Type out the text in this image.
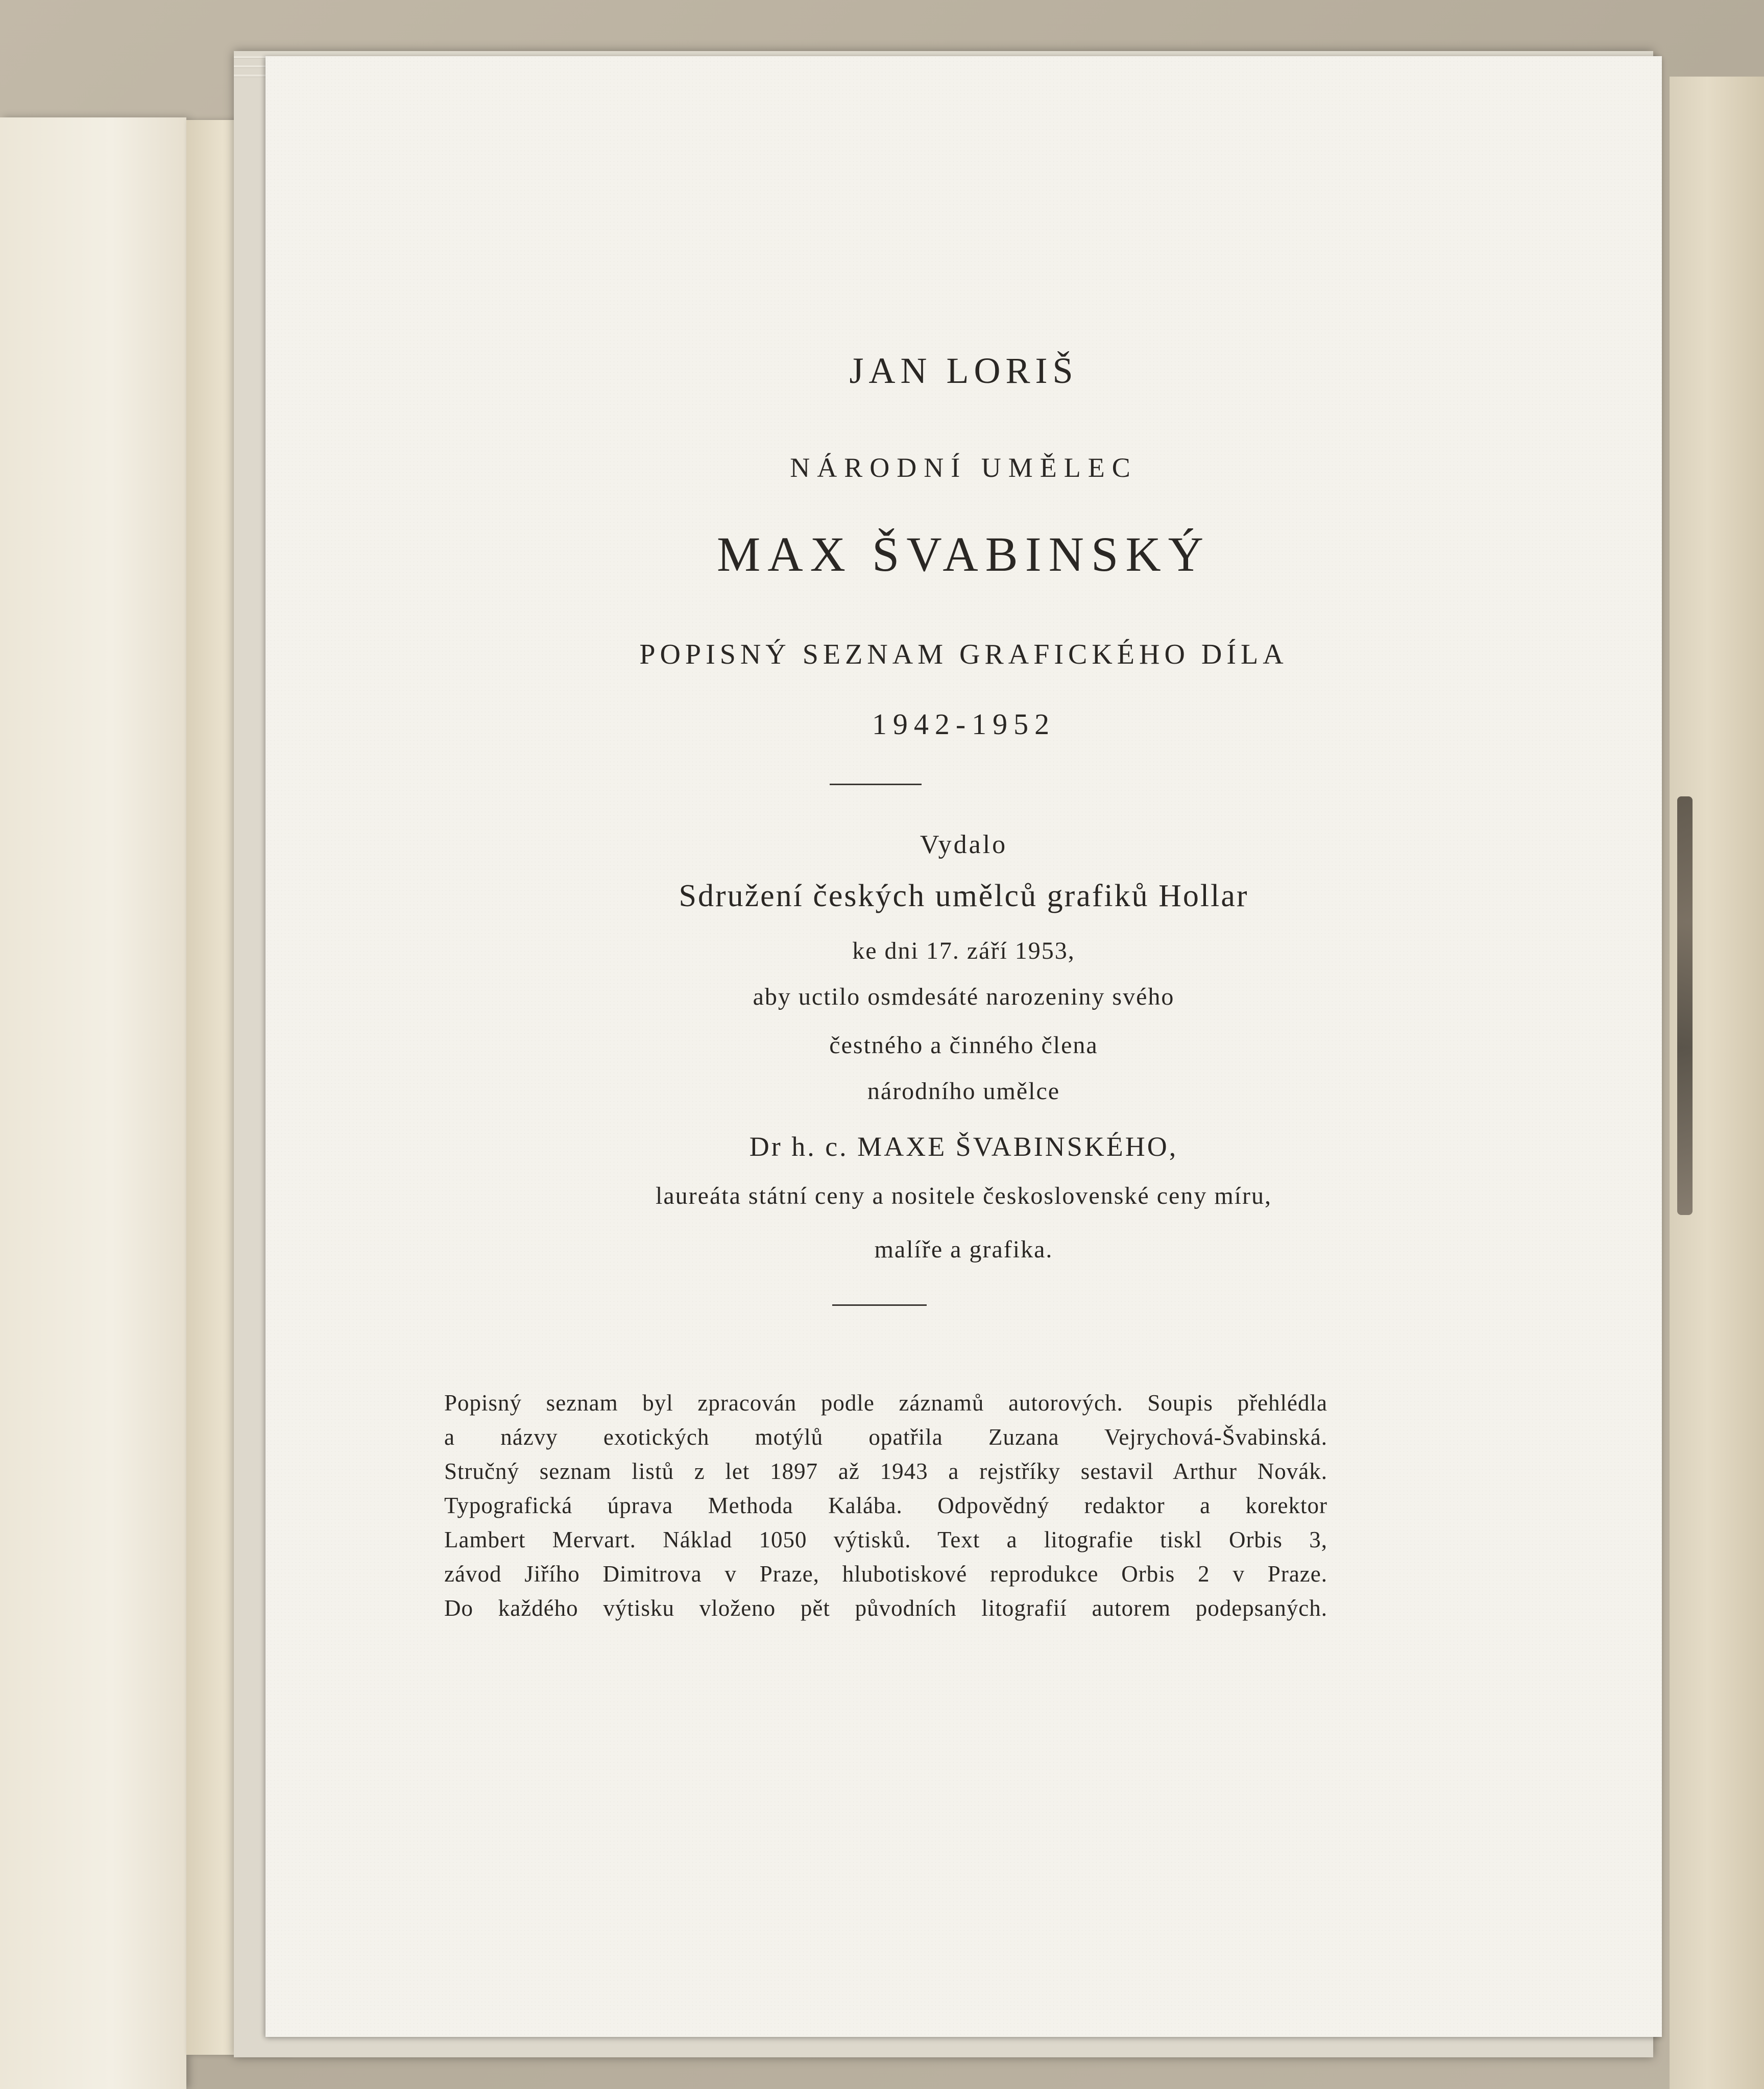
JAN LORIŠ
NÁRODNÍ UMĚLEC
MAX ŠVABINSKÝ
POPISNÝ SEZNAM GRAFICKÉHO DÍLA
1942-1952
Vydalo
Sdružení českých umělců grafiků Hollar
ke dni 17. září 1953,
aby uctilo osmdesáté narozeniny svého
čestného a činného člena
národního umělce
Dr h. c. MAXE ŠVABINSKÉHO,
laureáta státní ceny a nositele československé ceny míru,
malíře a grafika.
Popisný seznam byl zpracován podle záznamů autorových. Soupis přehlédla
a názvy exotických motýlů opatřila Zuzana Vejrychová-Švabinská.
Stručný seznam listů z let 1897 až 1943 a rejstříky sestavil Arthur Novák.
Typografická úprava Methoda Kalába. Odpovědný redaktor a korektor
Lambert Mervart. Náklad 1050 výtisků. Text a litografie tiskl Orbis 3,
závod Jiřího Dimitrova v Praze, hlubotiskové reprodukce Orbis 2 v Praze.
Do každého výtisku vloženo pět původních litografií autorem podepsaných.
